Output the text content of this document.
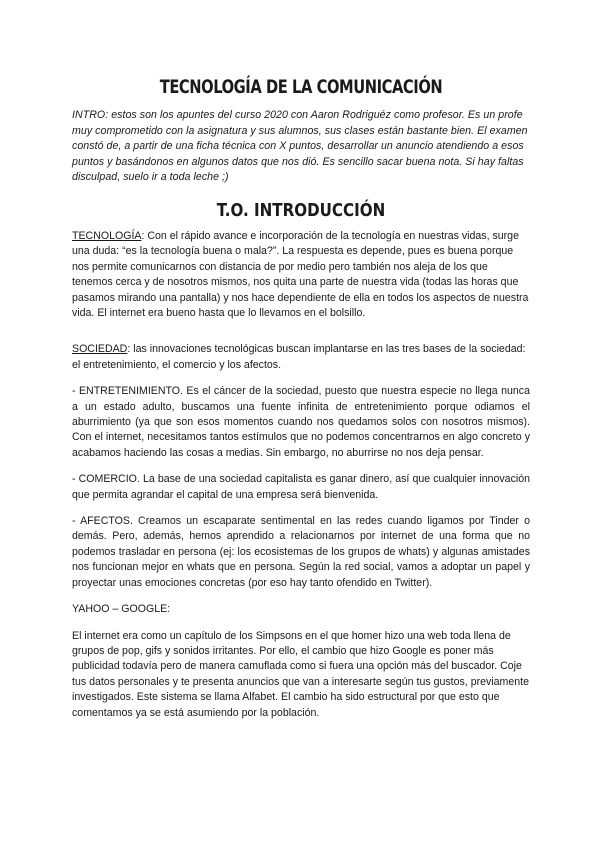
TECNOLOGÍA DE LA COMUNICACIÓN

INTRO: estos son los apuntes del curso 2020 con Aaron Rodriguéz como profesor. Es un profe muy comprometido con la asignatura y sus alumnos, sus clases están bastante bien. El examen constó de, a partir de una ficha técnica con X puntos, desarrollar un anuncio atendiendo a esos puntos y basándonos en algunos datos que nos dió. Es sencillo sacar buena nota. Si hay faltas disculpad, suelo ir a toda leche ;)

T.O. INTRODUCCIÓN

TECNOLOGÍA: Con el rápido avance e incorporación de la tecnología en nuestras vidas, surge una duda: “es la tecnología buena o mala?”. La respuesta es depende, pues es buena porque nos permite comunicarnos con distancia de por medio pero también nos aleja de los que tenemos cerca y de nosotros mismos, nos quita una parte de nuestra vida (todas las horas que pasamos mirando una pantalla) y nos hace dependiente de ella en todos los aspectos de nuestra vida. El internet era bueno hasta que lo llevamos en el bolsillo.

SOCIEDAD: las innovaciones tecnológicas buscan implantarse en las tres bases de la sociedad: el entretenimiento, el comercio y los afectos.

- ENTRETENIMIENTO. Es el cáncer de la sociedad, puesto que nuestra especie no llega nunca a un estado adulto, buscamos una fuente infinita de entretenimiento porque odiamos el aburrimiento (ya que son esos momentos cuando nos quedamos solos con nosotros mismos). Con el internet, necesitamos tantos estímulos que no podemos concentrarnos en algo concreto y acabamos haciendo las cosas a medias. Sin embargo, no aburrirse no nos deja pensar.

- COMERCIO. La base de una sociedad capitalista es ganar dinero, así que cualquier innovación que permita agrandar el capital de una empresa será bienvenida.

- AFECTOS. Creamos un escaparate sentimental en las redes cuando ligamos por Tinder o demás. Pero, además, hemos aprendido a relacionarnos por internet de una forma que no podemos trasladar en persona (ej: los ecosistemas de los grupos de whats) y algunas amistades nos funcionan mejor en whats que en persona. Según la red social, vamos a adoptar un papel y proyectar unas emociones concretas (por eso hay tanto ofendido en Twitter).

YAHOO – GOOGLE:

El internet era como un capítulo de los Simpsons en el que homer hizo una web toda llena de grupos de pop, gifs y sonidos irritantes. Por ello, el cambio que hizo Google es poner más publicidad todavía pero de manera camuflada como si fuera una opción más del buscador. Coje tus datos personales y te presenta anuncios que van a interesarte según tus gustos, previamente investigados. Este sistema se llama Alfabet. El cambio ha sido estructural por que esto que comentamos ya se está asumiendo por la población.
